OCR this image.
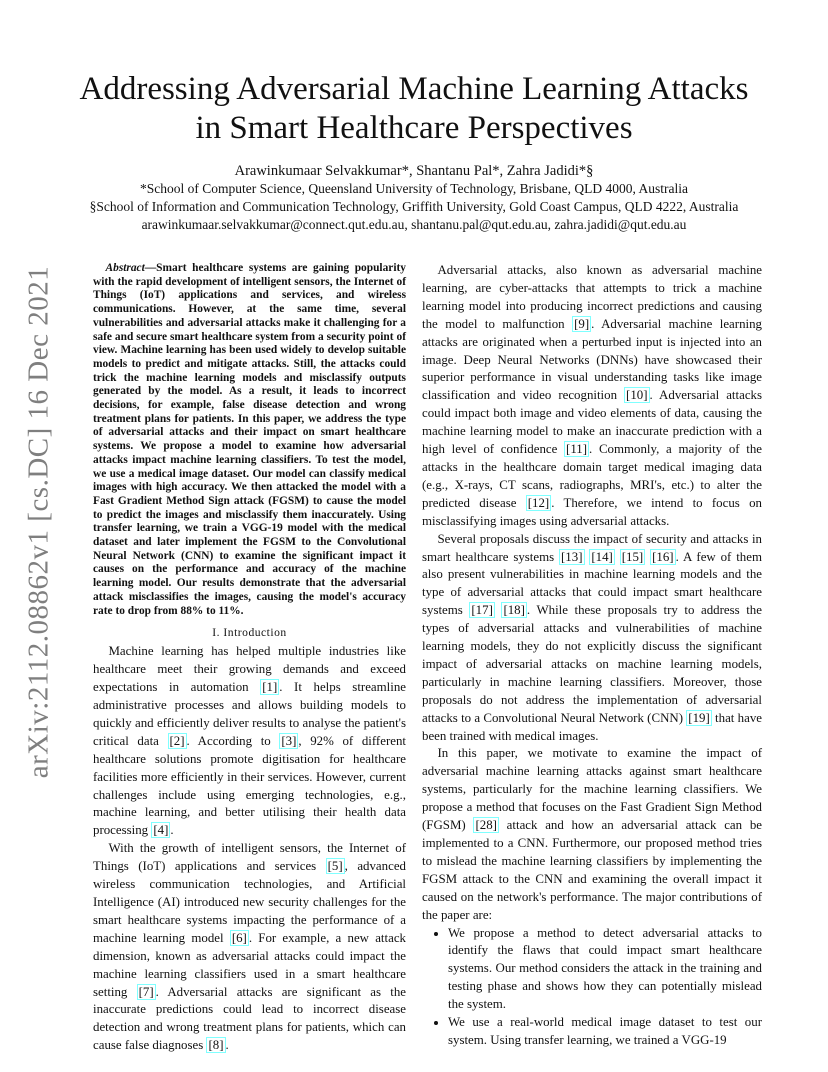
arXiv:2112.08862v1 [cs.DC] 16 Dec 2021
Addressing Adversarial Machine Learning Attacks
in Smart Healthcare Perspectives
Arawinkumaar Selvakkumar*, Shantanu Pal*, Zahra Jadidi*§
*School of Computer Science, Queensland University of Technology, Brisbane, QLD 4000, Australia
§School of Information and Communication Technology, Griffith University, Gold Coast Campus, QLD 4222, Australia
arawinkumaar.selvakkumar@connect.qut.edu.au, shantanu.pal@qut.edu.au, zahra.jadidi@qut.edu.au

Abstract—Smart healthcare systems are gaining popularity with the rapid development of intelligent sensors, the Internet of Things (IoT) applications and services, and wireless communications. However, at the same time, several vulnerabilities and adversarial attacks make it challenging for a safe and secure smart healthcare system from a security point of view. Machine learning has been used widely to develop suitable models to predict and mitigate attacks. Still, the attacks could trick the machine learning models and misclassify outputs generated by the model. As a result, it leads to incorrect decisions, for example, false disease detection and wrong treatment plans for patients. In this paper, we address the type of adversarial attacks and their impact on smart healthcare systems. We propose a model to examine how adversarial attacks impact machine learning classifiers. To test the model, we use a medical image dataset. Our model can classify medical images with high accuracy. We then attacked the model with a Fast Gradient Method Sign attack (FGSM) to cause the model to predict the images and misclassify them inaccurately. Using transfer learning, we train a VGG-19 model with the medical dataset and later implement the FGSM to the Convolutional Neural Network (CNN) to examine the significant impact it causes on the performance and accuracy of the machine learning model. Our results demonstrate that the adversarial attack misclassifies the images, causing the model's accuracy rate to drop from 88% to 11%.

I. Introduction

Machine learning has helped multiple industries like healthcare meet their growing demands and exceed expectations in automation [1] . It helps streamline administrative processes and allows building models to quickly and efficiently deliver results to analyse the patient's critical data [2] . According to [3] , 92% of different healthcare solutions promote digitisation for healthcare facilities more efficiently in their services. However, current challenges include using emerging technologies, e.g., machine learning, and better utilising their health data processing [4] .

With the growth of intelligent sensors, the Internet of Things (IoT) applications and services [5] , advanced wireless communication technologies, and Artificial Intelligence (AI) introduced new security challenges for the smart healthcare systems impacting the performance of a machine learning model [6] . For example, a new attack dimension, known as adversarial attacks could impact the machine learning classifiers used in a smart healthcare setting [7] . Adversarial attacks are significant as the inaccurate predictions could lead to incorrect disease detection and wrong treatment plans for patients, which can cause false diagnoses [8] .

Adversarial attacks, also known as adversarial machine learning, are cyber-attacks that attempts to trick a machine learning model into producing incorrect predictions and causing the model to malfunction [9] . Adversarial machine learning attacks are originated when a perturbed input is injected into an image. Deep Neural Networks (DNNs) have showcased their superior performance in visual understanding tasks like image classification and video recognition [10] . Adversarial attacks could impact both image and video elements of data, causing the machine learning model to make an inaccurate prediction with a high level of confidence [11] . Commonly, a majority of the attacks in the healthcare domain target medical imaging data (e.g., X-rays, CT scans, radiographs, MRI's, etc.) to alter the predicted disease [12] . Therefore, we intend to focus on misclassifying images using adversarial attacks.

Several proposals discuss the impact of security and attacks in smart healthcare systems [13] [14] [15] [16] . A few of them also present vulnerabilities in machine learning models and the type of adversarial attacks that could impact smart healthcare systems [17] [18] . While these proposals try to address the types of adversarial attacks and vulnerabilities of machine learning models, they do not explicitly discuss the significant impact of adversarial attacks on machine learning models, particularly in machine learning classifiers. Moreover, those proposals do not address the implementation of adversarial attacks to a Convolutional Neural Network (CNN) [19] that have been trained with medical images.

In this paper, we motivate to examine the impact of adversarial machine learning attacks against smart healthcare systems, particularly for the machine learning classifiers. We propose a method that focuses on the Fast Gradient Sign Method (FGSM) [28] attack and how an adversarial attack can be implemented to a CNN. Furthermore, our proposed method tries to mislead the machine learning classifiers by implementing the FGSM attack to the CNN and examining the overall impact it caused on the network's performance. The major contributions of the paper are:

• We propose a method to detect adversarial attacks to identify the flaws that could impact smart healthcare systems. Our method considers the attack in the training and testing phase and shows how they can potentially mislead the system.
• We use a real-world medical image dataset to test our system. Using transfer learning, we trained a VGG-19
